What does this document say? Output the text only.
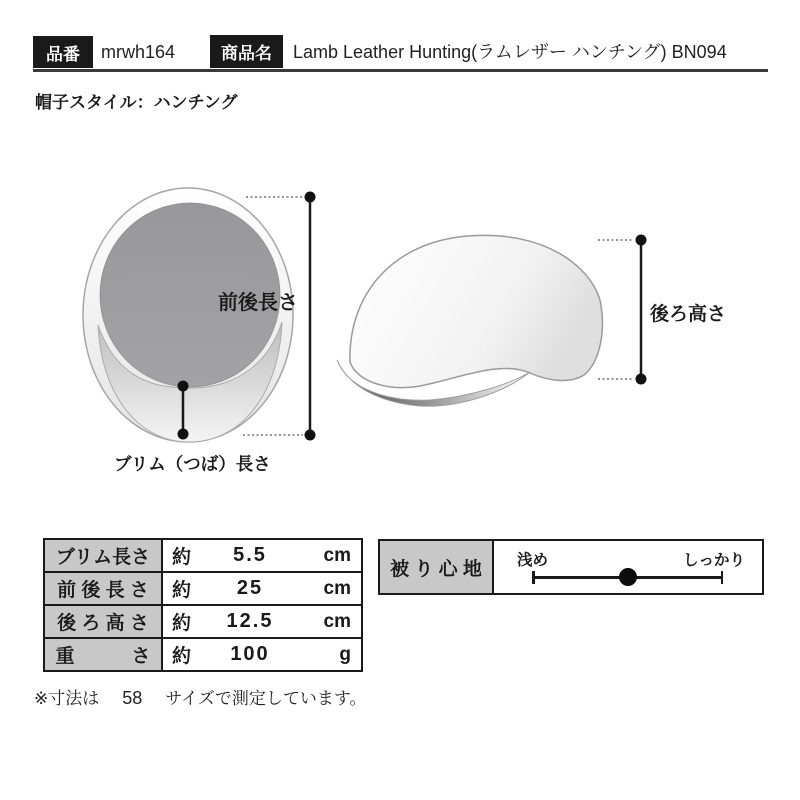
品番	mrwh164	商品名	Lamb Leather Hunting(ラムレザー ハンチング) BN094
帽子スタイル：ハンチング
前後長さ
ブリム（つば）長さ
後ろ高さ
ブリム長さ	約 5.5 cm

前 後 長 さ	約 25 cm

後 ろ 高 さ	約 12.5 cm

重　　　さ	約 100 g
被 り 心 地	浅め	しっかり
※寸法は	58	サイズで測定しています。
